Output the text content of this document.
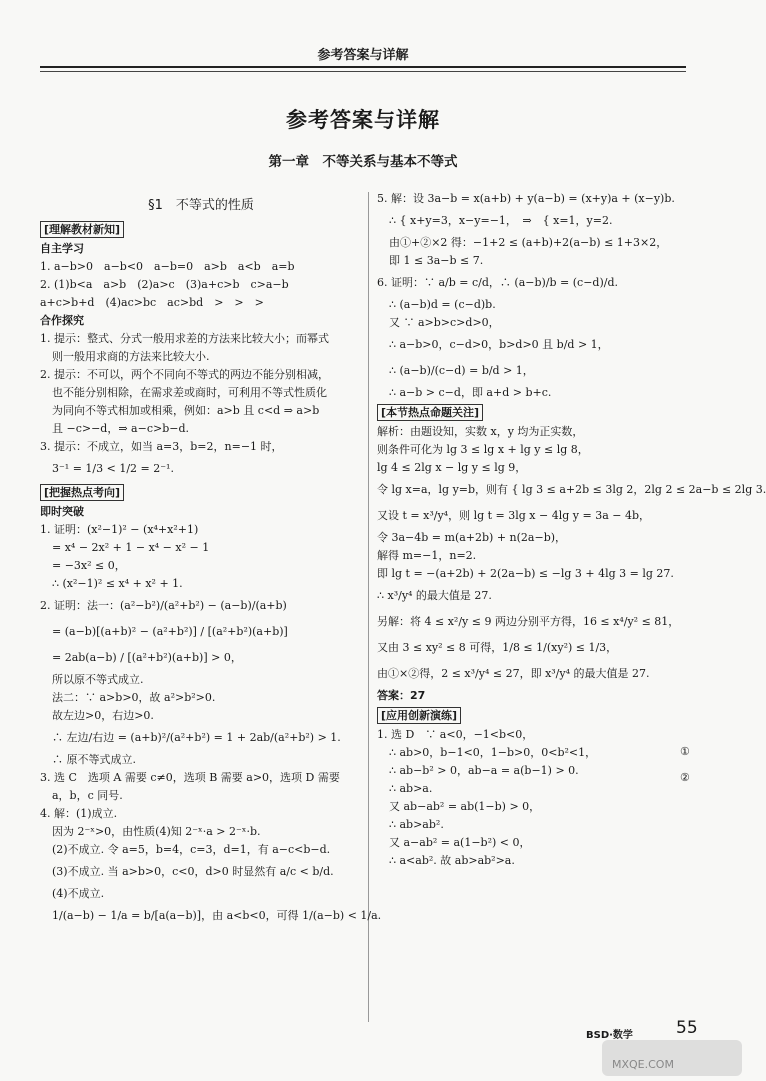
参考答案与详解
参考答案与详解
第一章　不等关系与基本不等式
§1　不等式的性质
[理解教材新知]
自主学习
1. a−b>0　a−b<0　a−b=0　a>b　a<b　a=b
2. (1)b<a　a>b　(2)a>c　(3)a+c>b　c>a−b
a+c>b+d　(4)ac>bc　ac>bd　>　>　>
合作探究
1. 提示：整式、分式一般用求差的方法来比较大小；而幂式
则一般用求商的方法来比较大小.
2. 提示：不可以，两个不同向不等式的两边不能分别相减，
也不能分别相除，在需求差或商时，可利用不等式性质化
为同向不等式相加或相乘，例如：a>b 且 c<d ⇒ a>b
且 −c>−d，⇒ a−c>b−d.
3. 提示：不成立，如当 a=3，b=2，n=−1 时，
3⁻¹ = 1/3 < 1/2 = 2⁻¹.
[把握热点考向]
即时突破
1. 证明：(x²−1)² − (x⁴+x²+1)
= x⁴ − 2x² + 1 − x⁴ − x² − 1
= −3x² ≤ 0，
∴ (x²−1)² ≤ x⁴ + x² + 1.
2. 证明：法一：(a²−b²)/(a²+b²) − (a−b)/(a+b)
= (a−b)[(a+b)² − (a²+b²)] / [(a²+b²)(a+b)]
= 2ab(a−b) / [(a²+b²)(a+b)] > 0，
所以原不等式成立.
法二：∵ a>b>0，故 a²>b²>0.
故左边>0，右边>0.
∴ 左边/右边 = (a+b)²/(a²+b²) = 1 + 2ab/(a²+b²) > 1.
∴ 原不等式成立.
3. 选 C　选项 A 需要 c≠0，选项 B 需要 a>0，选项 D 需要
a，b，c 同号.
4. 解：(1)成立.
因为 2⁻ˣ>0，由性质(4)知 2⁻ˣ·a > 2⁻ˣ·b.
(2)不成立. 令 a=5，b=4，c=3，d=1，有 a−c<b−d.
(3)不成立. 当 a>b>0，c<0，d>0 时显然有 a/c < b/d.
(4)不成立.
1/(a−b) − 1/a = b/[a(a−b)]，由 a<b<0，可得 1/(a−b) < 1/a.
5. 解：设 3a−b = x(a+b) + y(a−b) = (x+y)a + (x−y)b.
∴ { x+y=3，x−y=−1，　⇒　{ x=1，y=2.
由①+②×2 得：−1+2 ≤ (a+b)+2(a−b) ≤ 1+3×2，
即 1 ≤ 3a−b ≤ 7.
6. 证明：∵ a/b = c/d，∴ (a−b)/b = (c−d)/d.
∴ (a−b)d = (c−d)b.
又 ∵ a>b>c>d>0，
∴ a−b>0，c−d>0，b>d>0 且 b/d > 1，
∴ (a−b)/(c−d) = b/d > 1，
∴ a−b > c−d，即 a+d > b+c.
[本节热点命题关注]
解析：由题设知，实数 x，y 均为正实数，
则条件可化为 lg 3 ≤ lg x + lg y ≤ lg 8，
lg 4 ≤ 2lg x − lg y ≤ lg 9，
令 lg x=a，lg y=b，则有 { lg 3 ≤ a+2b ≤ 3lg 2，2lg 2 ≤ 2a−b ≤ 2lg 3.
又设 t = x³/y⁴，则 lg t = 3lg x − 4lg y = 3a − 4b，
令 3a−4b = m(a+2b) + n(2a−b)，
解得 m=−1，n=2.
即 lg t = −(a+2b) + 2(2a−b) ≤ −lg 3 + 4lg 3 = lg 27.
∴ x³/y⁴ 的最大值是 27.
另解：将 4 ≤ x²/y ≤ 9 两边分别平方得，16 ≤ x⁴/y² ≤ 81，
又由 3 ≤ xy² ≤ 8 可得，1/8 ≤ 1/(xy²) ≤ 1/3，
由①×②得，2 ≤ x³/y⁴ ≤ 27，即 x³/y⁴ 的最大值是 27.
答案：27
[应用创新演练]
1. 选 D　∵ a<0，−1<b<0，
∴ ab>0，b−1<0，1−b>0，0<b²<1，
∴ ab−b² > 0，ab−a = a(b−1) > 0.
∴ ab>a.
又 ab−ab² = ab(1−b) > 0，
∴ ab>ab².
又 a−ab² = a(1−b²) < 0，
∴ a<ab². 故 ab>ab²>a.
①
②
BSD·数学	55
MXQE.COM
